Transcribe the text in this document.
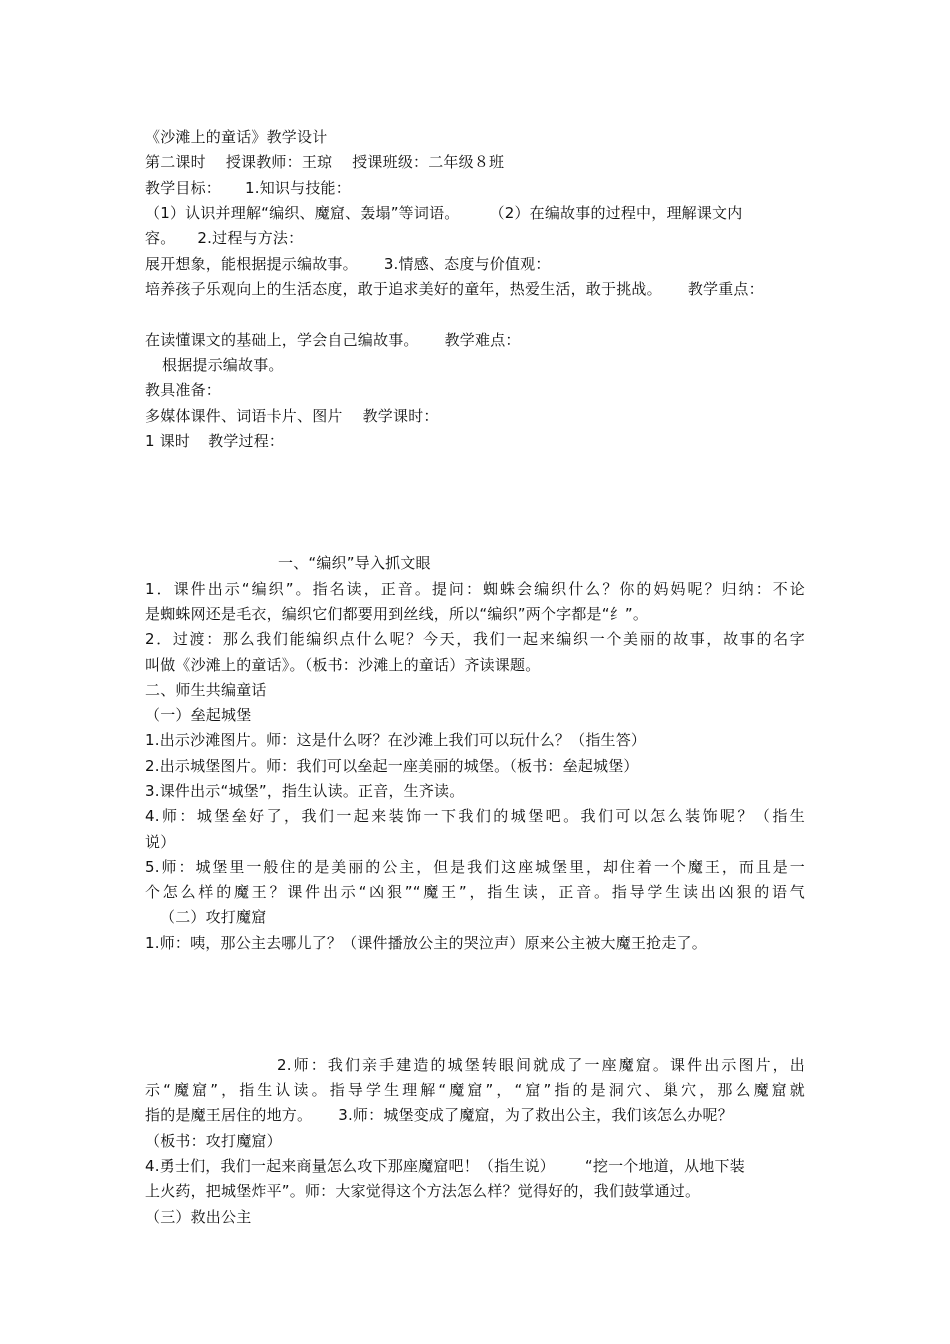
《沙滩上的童话》教学设计
第二课时 授课教师：王琼 授课班级：二年级８班
教学目标： 1.知识与技能：
（1）认识并理解“编织、魔窟、轰塌”等词语。 （2）在编故事的过程中，理解课文内
容。 2.过程与方法：
展开想象，能根据提示编故事。 3.情感、态度与价值观：
培养孩子乐观向上的生活态度，敢于追求美好的童年，热爱生活，敢于挑战。 教学重点：
在读懂课文的基础上，学会自己编故事。 教学难点：
根据提示编故事。
教具准备：
多媒体课件、词语卡片、图片 教学课时：
1 课时 教学过程：
一、“编织”导入抓文眼
1．课件出示“编织”。指名读，正音。提问：蜘蛛会编织什么？你的妈妈呢？归纳：不论
是蜘蛛网还是毛衣，编织它们都要用到丝线，所以“编织”两个字都是“纟”。
2．过渡：那么我们能编织点什么呢？今天，我们一起来编织一个美丽的故事，故事的名字
叫做《沙滩上的童话》。（板书：沙滩上的童话）齐读课题。
二、师生共编童话
（一）垒起城堡
1.出示沙滩图片。师：这是什么呀？在沙滩上我们可以玩什么？（指生答）
2.出示城堡图片。师：我们可以垒起一座美丽的城堡。（板书：垒起城堡）
3.课件出示“城堡”，指生认读。正音，生齐读。
4.师：城堡垒好了，我们一起来装饰一下我们的城堡吧。我们可以怎么装饰呢？（指生
说）
5.师：城堡里一般住的是美丽的公主，但是我们这座城堡里，却住着一个魔王，而且是一
个怎么样的魔王？课件出示“凶狠”“魔王”，指生读，正音。指导学生读出凶狠的语气
（二）攻打魔窟
1.师：咦，那公主去哪儿了？（课件播放公主的哭泣声）原来公主被大魔王抢走了。
2.师：我们亲手建造的城堡转眼间就成了一座魔窟。课件出示图片，出
示“魔窟”，指生认读。指导学生理解“魔窟”，“窟”指的是洞穴、巢穴，那么魔窟就
指的是魔王居住的地方。 3.师：城堡变成了魔窟，为了救出公主，我们该怎么办呢？
（板书：攻打魔窟）
4.勇士们，我们一起来商量怎么攻下那座魔窟吧！（指生说） “挖一个地道，从地下装
上火药，把城堡炸平”。师：大家觉得这个方法怎么样？觉得好的，我们鼓掌通过。
（三）救出公主
